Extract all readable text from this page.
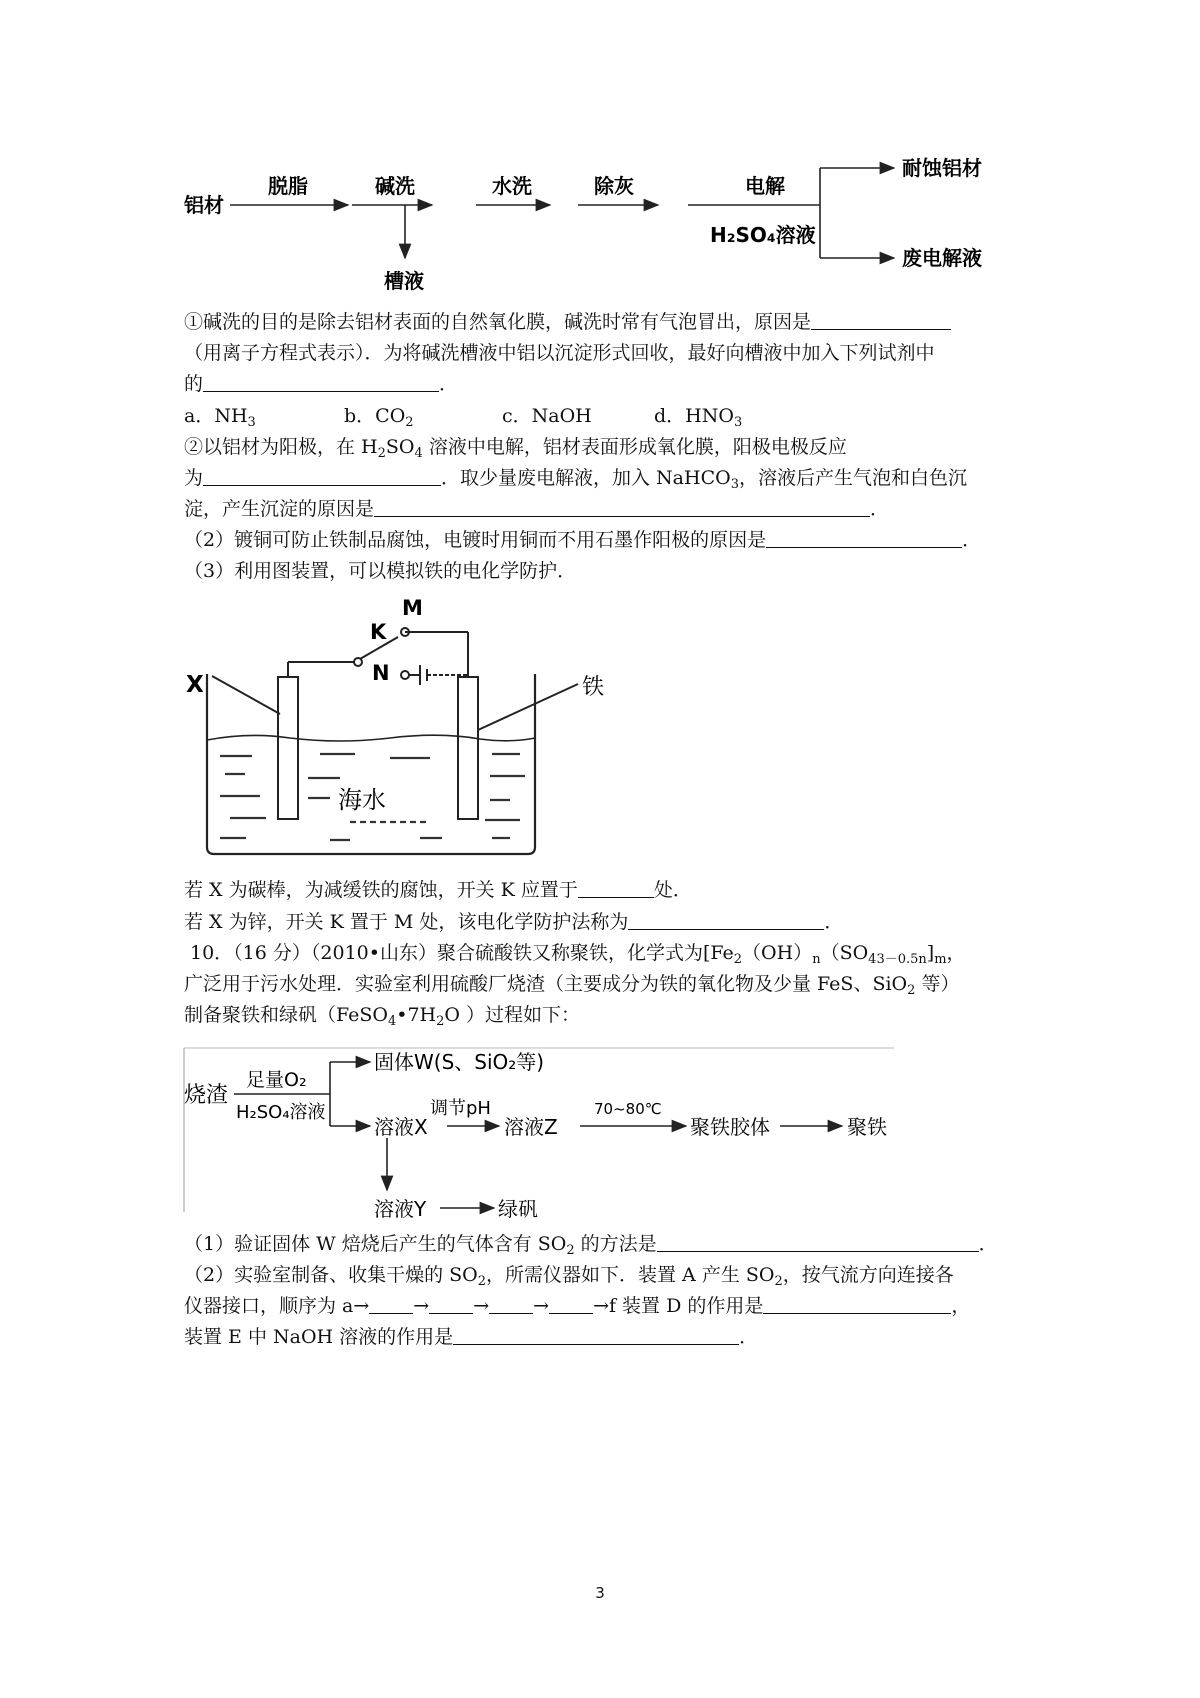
铝材
脱脂	碱洗
槽液
水洗	除灰	电解
H₂SO₄溶液
耐蚀铝材
废电解液
①碱洗的目的是除去铝材表面的自然氧化膜，碱洗时常有气泡冒出，原因是
（用离子方程式表示）．为将碱洗槽液中铝以沉淀形式回收，最好向槽液中加入下列试剂中
的	．
a．$NH_3$	b．$CO_2$	c．NaOH	d．$HNO_3$
②以铝材为阳极，在 $H_2SO_4$ 溶液中电解，铝材表面形成氧化膜，阳极电极反应
为	．取少量废电解液，加入 NaHCO$_3$，溶液后产生气泡和白色沉
淀，产生沉淀的原因是	．
（2）镀铜可防止铁制品腐蚀，电镀时用铜而不用石墨作阳极的原因是	．
（3）利用图装置，可以模拟铁的电化学防护．
M
K
N
X	铁
海水
若 X 为碳棒，为减缓铁的腐蚀，开关 K 应置于	处．
若 X 为锌，开关 K 置于 M 处，该电化学防护法称为	．
10．（16 分）（2010•山东）聚合硫酸铁又称聚铁，化学式为[$Fe_2(OH)_n(SO_{43-0.5n}]_m$，
广泛用于污水处理．实验室利用硫酸厂烧渣（主要成分为铁的氧化物及少量 FeS、SiO$_2$ 等）
制备聚铁和绿矾（$FeSO_4•7H_2O$ ）过程如下：
烧渣
足量O₂
H₂SO₄溶液
固体W(S、SiO₂等)
溶液X
调节pH
溶液Z
70~80℃
聚铁胶体	聚铁
溶液Y	绿矾
（1）验证固体 W 焙烧后产生的气体含有 $SO_2$ 的方法是	．
（2）实验室制备、收集干燥的 $SO_2$，所需仪器如下．装置 A 产生 $SO_2$，按气流方向连接各
仪器接口，顺序为 a→ → → → →f 装置 D 的作用是	，
装置 E 中 NaOH 溶液的作用是	．
3
